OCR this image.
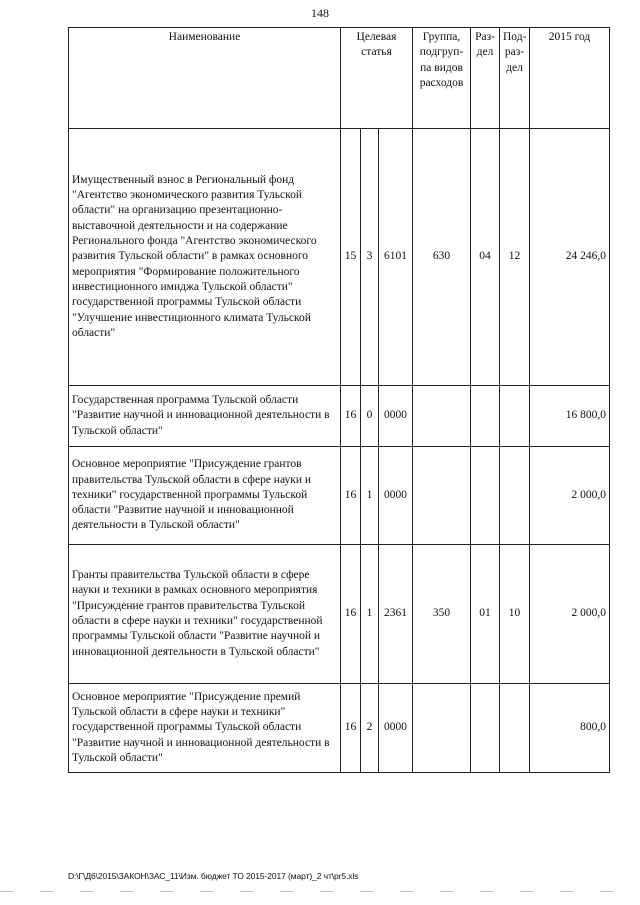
148
Наименование	Целевая статья			Группа, подгруп-па видов расходов	Раз-дел	Под-раз-дел	2015 год
Имущественный взнос в Региональный фонд "Агентство экономического развития Тульской области" на организацию презентационно-выставочной деятельности и на содержание Регионального фонда "Агентство экономического развития Тульской области" в рамках основного мероприятия "Формирование положительного инвестиционного имиджа Тульской области" государственной программы Тульской области "Улучшение инвестиционного климата Тульской области"	15	3	6101	630	04	12	24 246,0
Государственная программа Тульской области "Развитие научной и инновационной деятельности в Тульской области"	16	0	0000				16 800,0
Основное мероприятие "Присуждение грантов правительства Тульской области в сфере науки и техники" государственной программы Тульской области "Развитие научной и инновационной деятельности в Тульской области"	16	1	0000				2 000,0
Гранты правительства Тульской области в сфере науки и техники в рамках основного мероприятия "Присуждение грантов правительства Тульской области в сфере науки и техники" государственной программы Тульской области "Развитие научной и инновационной деятельности в Тульской области"	16	1	2361	350	01	10	2 000,0
Основное мероприятие "Присуждение премий Тульской области в сфере науки и техники" государственной программы Тульской области "Развитие научной и инновационной деятельности в Тульской области"	16	2	0000				800,0
D:\Г\Д6\2015\ЗАКОН\ЗАС_11\Изм. бюджет ТО 2015-2017 (март)_2 чт\pr5.xls
